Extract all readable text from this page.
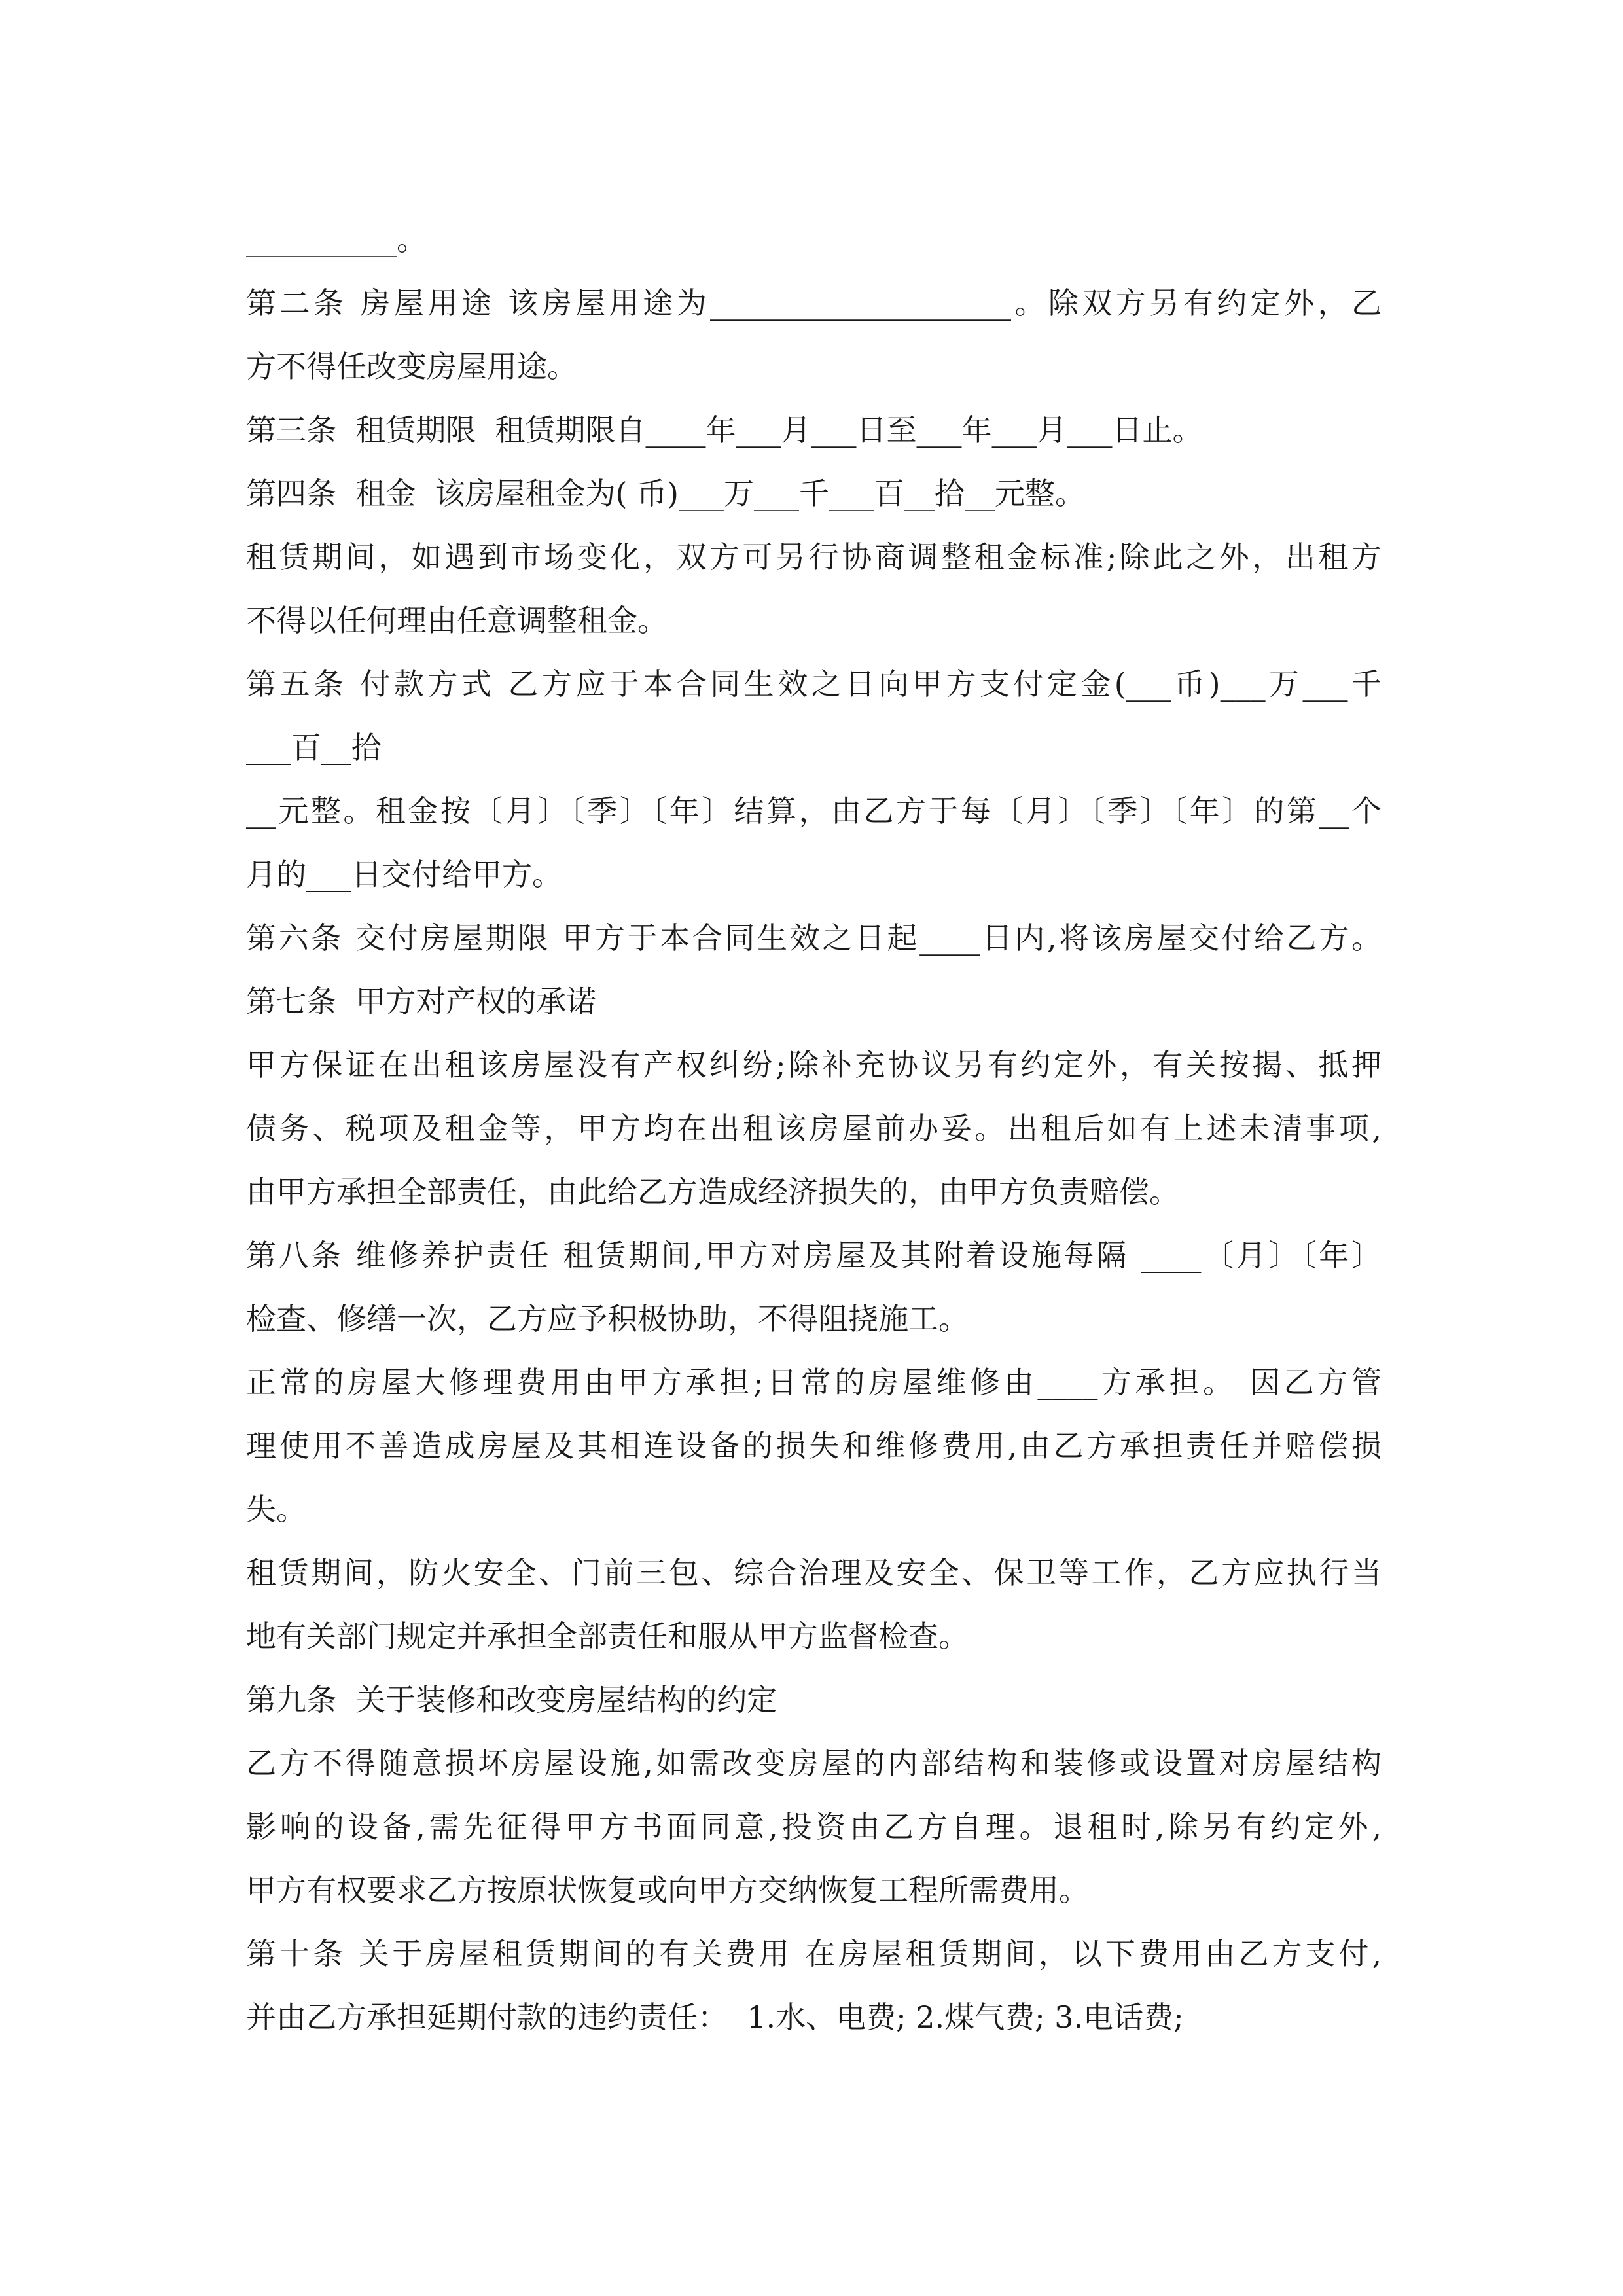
__________。
第二条 房屋用途 该房屋用途为____________________。除双方另有约定外，乙
方不得任改变房屋用途。
第三条  租赁期限  租赁期限自____年___月___日至___年___月___日止。
第四条  租金  该房屋租金为( 币)___万___千___百__拾__元整。
租赁期间，如遇到市场变化，双方可另行协商调整租金标准;除此之外，出租方
不得以任何理由任意调整租金。
第五条 付款方式 乙方应于本合同生效之日向甲方支付定金(___币)___万___千
___百__拾
__元整。租金按〔月〕〔季〕〔年〕结算，由乙方于每〔月〕〔季〕〔年〕的第__个
月的___日交付给甲方。
第六条 交付房屋期限 甲方于本合同生效之日起____日内,将该房屋交付给乙方。
第七条  甲方对产权的承诺
甲方保证在出租该房屋没有产权纠纷;除补充协议另有约定外，有关按揭、抵押
债务、税项及租金等，甲方均在出租该房屋前办妥。出租后如有上述未清事项,
由甲方承担全部责任，由此给乙方造成经济损失的，由甲方负责赔偿。
第八条 维修养护责任 租赁期间,甲方对房屋及其附着设施每隔 ____〔月〕〔年〕
检查、修缮一次，乙方应予积极协助，不得阻挠施工。
正常的房屋大修理费用由甲方承担;日常的房屋维修由____方承担。 因乙方管
理使用不善造成房屋及其相连设备的损失和维修费用,由乙方承担责任并赔偿损
失。
租赁期间，防火安全、门前三包、综合治理及安全、保卫等工作，乙方应执行当
地有关部门规定并承担全部责任和服从甲方监督检查。
第九条  关于装修和改变房屋结构的约定
乙方不得随意损坏房屋设施,如需改变房屋的内部结构和装修或设置对房屋结构
影响的设备,需先征得甲方书面同意,投资由乙方自理。退租时,除另有约定外,
甲方有权要求乙方按原状恢复或向甲方交纳恢复工程所需费用。
第十条 关于房屋租赁期间的有关费用 在房屋租赁期间，以下费用由乙方支付,
并由乙方承担延期付款的违约责任：  1.水、电费; 2.煤气费; 3.电话费;
